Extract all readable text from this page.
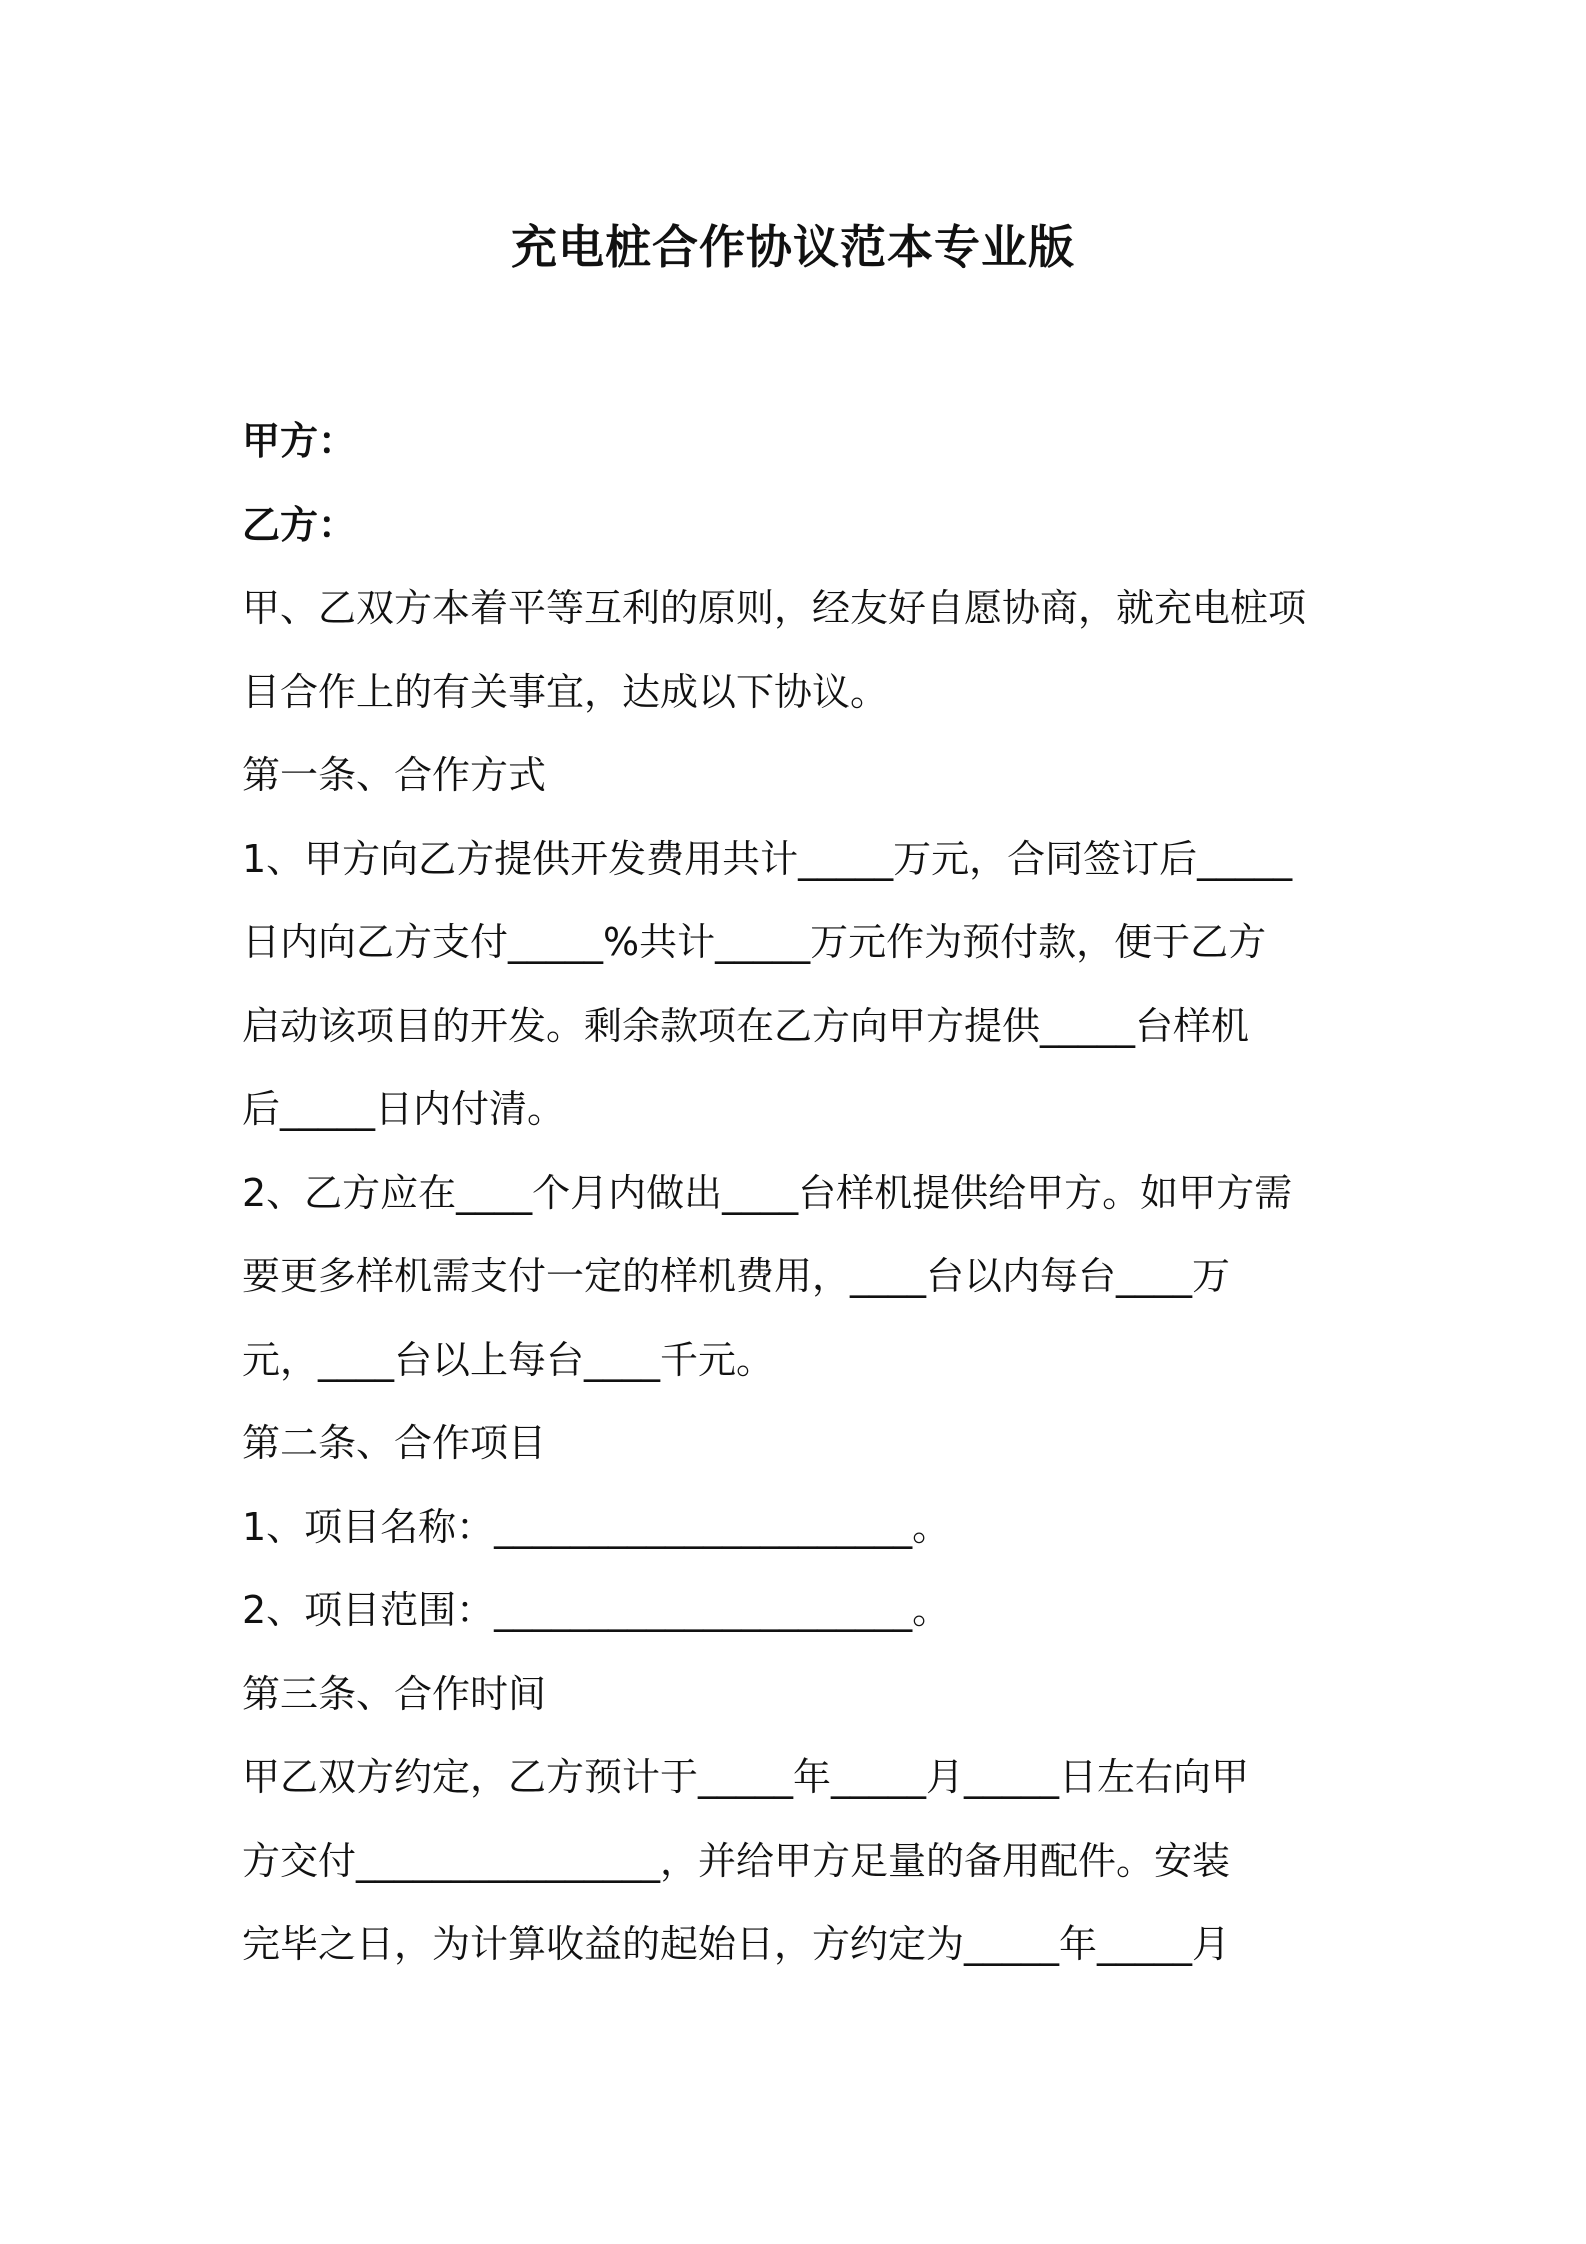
充电桩合作协议范本专业版

甲方：

乙方：

甲、乙双方本着平等互利的原则，经友好自愿协商，就充电桩项

目合作上的有关事宜，达成以下协议。

第一条、合作方式

1、甲方向乙方提供开发费用共计_____万元，合同签订后_____

日内向乙方支付_____%共计_____万元作为预付款，便于乙方

启动该项目的开发。剩余款项在乙方向甲方提供_____台样机

后_____日内付清。

2、乙方应在____个月内做出____台样机提供给甲方。如甲方需

要更多样机需支付一定的样机费用，____台以内每台____万

元，____台以上每台____千元。

第二条、合作项目

1、项目名称：______________________。

2、项目范围：______________________。

第三条、合作时间

甲乙双方约定，乙方预计于_____年_____月_____日左右向甲

方交付________________，并给甲方足量的备用配件。安装

完毕之日，为计算收益的起始日，方约定为_____年_____月
